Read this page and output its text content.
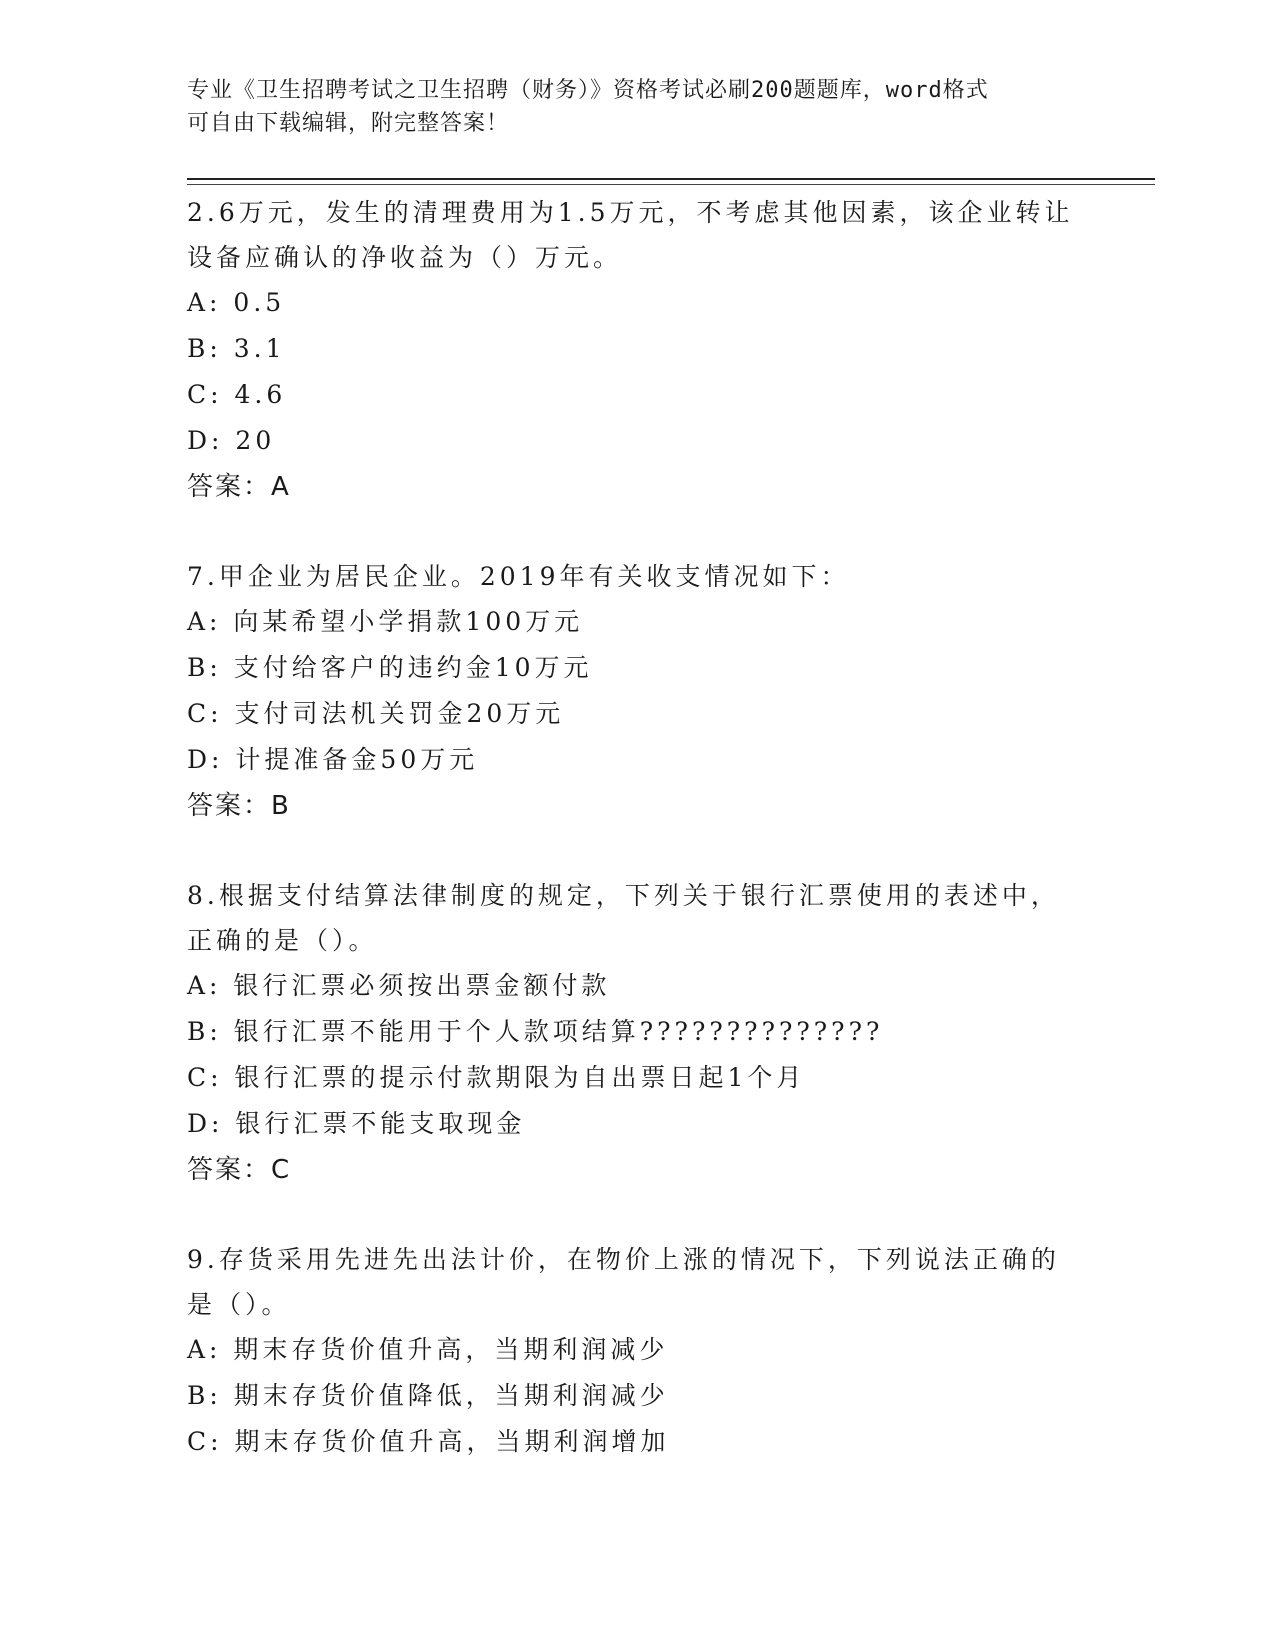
专业《卫生招聘考试之卫生招聘（财务）》资格考试必刷200题题库，word格式
可自由下载编辑，附完整答案！
2.6万元，发生的清理费用为1.5万元，不考虑其他因素，该企业转让
设备应确认的净收益为（）万元。
A: 0.5
B: 3.1
C: 4.6
D: 20
答案：A
7.甲企业为居民企业。2019年有关收支情况如下：
A: 向某希望小学捐款100万元
B: 支付给客户的违约金10万元
C: 支付司法机关罚金20万元
D: 计提准备金50万元
答案：B
8.根据支付结算法律制度的规定，下列关于银行汇票使用的表述中，
正确的是（）。
A: 银行汇票必须按出票金额付款
B: 银行汇票不能用于个人款项结算??????????????
C: 银行汇票的提示付款期限为自出票日起1个月
D: 银行汇票不能支取现金
答案：C
9.存货采用先进先出法计价，在物价上涨的情况下，下列说法正确的
是（）。
A: 期末存货价值升高，当期利润减少
B: 期末存货价值降低，当期利润减少
C: 期末存货价值升高，当期利润增加
